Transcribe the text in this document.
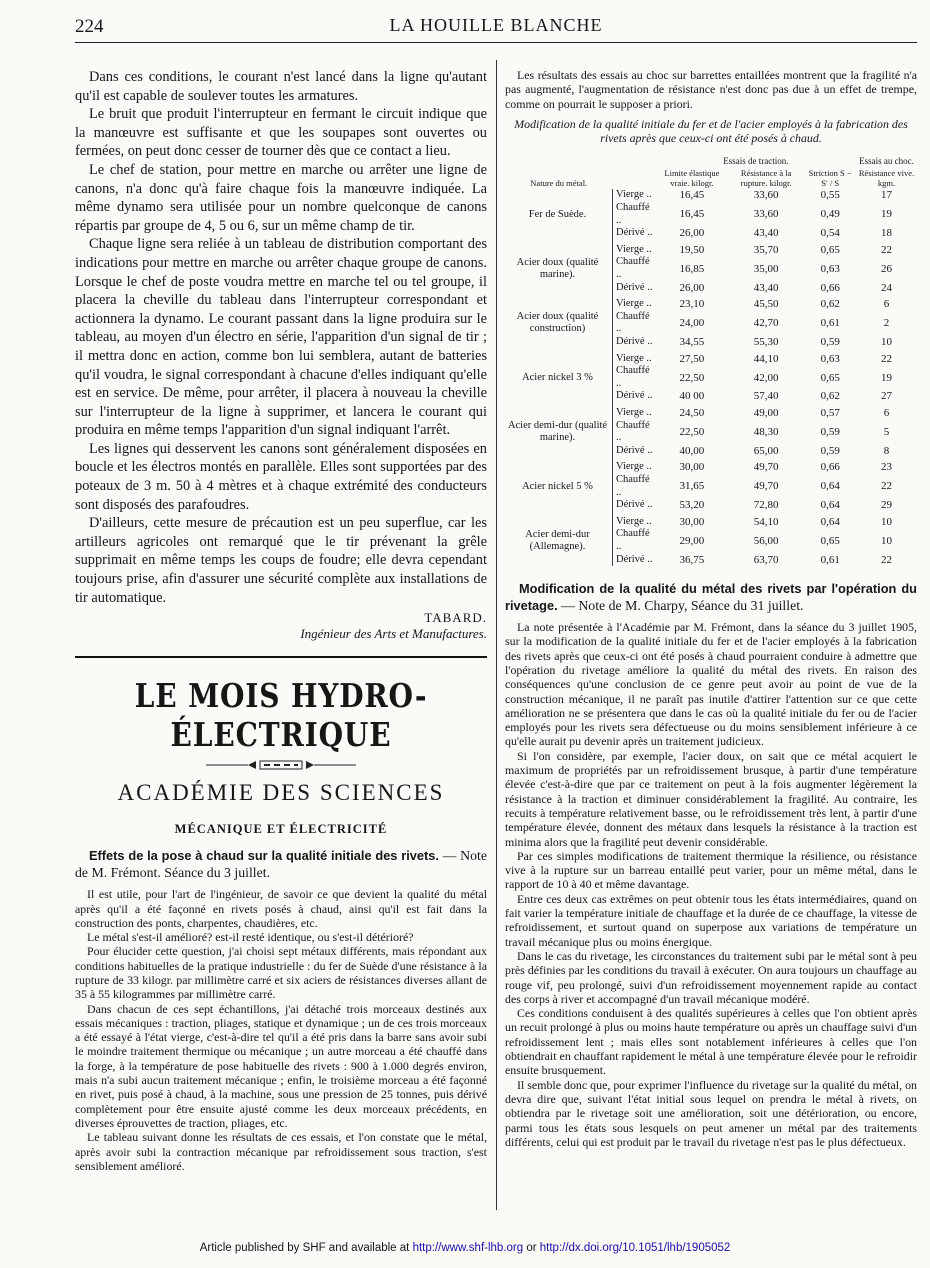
224	LA HOUILLE BLANCHE

Dans ces conditions, le courant n'est lancé dans la ligne qu'autant qu'il est capable de soulever toutes les armatures.

Le bruit que produit l'interrupteur en fermant le circuit indique que la manœuvre est suffisante et que les soupapes sont ouvertes ou fermées, on peut donc cesser de tourner dès que ce contact a lieu.

Le chef de station, pour mettre en marche ou arrêter une ligne de canons, n'a donc qu'à faire chaque fois la manœuvre indiquée. La même dynamo sera utilisée pour un nombre quelconque de canons répartis par groupe de 4, 5 ou 6, sur un même champ de tir.

Chaque ligne sera reliée à un tableau de distribution comportant des indications pour mettre en marche ou arrêter chaque groupe de canons. Lorsque le chef de poste voudra mettre en marche tel ou tel groupe, il placera la cheville du tableau dans l'interrupteur correspondant et actionnera la dynamo. Le courant passant dans la ligne produira sur le tableau, au moyen d'un électro en série, l'apparition d'un signal de tir ; il mettra donc en action, comme bon lui semblera, autant de batteries qu'il voudra, le signal correspondant à chacune d'elles indiquant qu'elle est en service. De même, pour arrêter, il placera à nouveau la cheville sur l'interrupteur de la ligne à supprimer, et lancera le courant qui produira en même temps l'apparition d'un signal indiquant l'arrêt.

Les lignes qui desservent les canons sont généralement disposées en boucle et les électros montés en parallèle. Elles sont supportées par des poteaux de 3 m. 50 à 4 mètres et à chaque extrémité des conducteurs sont disposés des parafoudres.

D'ailleurs, cette mesure de précaution est un peu superflue, car les artilleurs agricoles ont remarqué que le tir prévenant la grêle supprimait en même temps les coups de foudre; elle devra cependant toujours prise, afin d'assurer une sécurité complète aux installations de tir automatique.

TABARD.

Ingénieur des Arts et Manufactures.

LE MOIS HYDRO-ÉLECTRIQUE
ACADÉMIE DES SCIENCES
MÉCANIQUE ET ÉLECTRICITÉ

Effets de la pose à chaud sur la qualité initiale des rivets. — Note de M. Frémont. Séance du 3 juillet.

Il est utile, pour l'art de l'ingénieur, de savoir ce que devient la qualité du métal après qu'il a été façonné en rivets posés à chaud, ainsi qu'il est fait dans la construction des ponts, charpentes, chaudières, etc.

Le métal s'est-il amélioré? est-il resté identique, ou s'est-il détérioré?

Pour élucider cette question, j'ai choisi sept métaux différents, mais répondant aux conditions habituelles de la pratique industrielle : du fer de Suède d'une résistance à la rupture de 33 kilogr. par millimètre carré et six aciers de résistances diverses allant de 35 à 55 kilogrammes par millimètre carré.

Dans chacun de ces sept échantillons, j'ai détaché trois morceaux destinés aux essais mécaniques : traction, pliages, statique et dynamique ; un de ces trois morceaux a été essayé à l'état vierge, c'est-à-dire tel qu'il a été pris dans la barre sans avoir subi le moindre traitement thermique ou mécanique ; un autre morceau a été chauffé dans la forge, à la température de pose habituelle des rivets : 900 à 1.000 degrés environ, mais n'a subi aucun traitement mécanique ; enfin, le troisième morceau a été façonné en rivet, puis posé à chaud, à la machine, sous une pression de 25 tonnes, puis dérivé complètement pour être ensuite ajusté comme les deux morceaux précédents, en diverses éprouvettes de traction, pliages, etc.

Le tableau suivant donne les résultats de ces essais, et l'on constate que le métal, après avoir subi la contraction mécanique par refroidissement sous traction, s'est sensiblement amélioré.

Les résultats des essais au choc sur barrettes entaillées montrent que la fragilité n'a pas augmenté, l'augmentation de résistance n'est donc pas due à un effet de trempe, comme on pourrait le supposer a priori.

Modification de la qualité initiale du fer et de l'acier employés à la fabrication des rivets après que ceux-ci ont été posés à chaud.

		Essais de traction.			Essais au choc.
Nature du métal.		Limite élastique vraie. kilogr.	Résistance à la rupture. kilogr.	Striction S − S′ / S	Résistance vive. kgm.
Fer de Suède.	Vierge ..	16,45	33,60	0,55	17
	Chauffé ..	16,45	33,60	0,49	19
	Dérivé ..	26,00	43,40	0,54	18
Acier doux (qualité marine).	Vierge ..	19,50	35,70	0,65	22
	Chauffé ..	16,85	35,00	0,63	26
	Dérivé ..	26,00	43,40	0,66	24
Acier doux (qualité construction)	Vierge ..	23,10	45,50	0,62	6
	Chauffé ..	24,00	42,70	0,61	2
	Dérivé ..	34,55	55,30	0,59	10
Acier nickel 3 %	Vierge ..	27,50	44,10	0,63	22
	Chauffé ..	22,50	42,00	0,65	19
	Dérivé ..	40 00	57,40	0,62	27
Acier demi-dur (qualité marine).	Vierge ..	24,50	49,00	0,57	6
	Chauffé ..	22,50	48,30	0,59	5
	Dérivé ..	40,00	65,00	0,59	8
Acier nickel 5 %	Vierge ..	30,00	49,70	0,66	23
	Chauffé ..	31,65	49,70	0,64	22
	Dérivé ..	53,20	72,80	0,64	29
Acier demi-dur (Allemagne).	Vierge ..	30,00	54,10	0,64	10
	Chauffé ..	29,00	56,00	0,65	10
	Dérivé ..	36,75	63,70	0,61	22

Modification de la qualité du métal des rivets par l'opération du rivetage. — Note de M. Charpy, Séance du 31 juillet.

La note présentée à l'Académie par M. Frémont, dans la séance du 3 juillet 1905, sur la modification de la qualité initiale du fer et de l'acier employés à la fabrication des rivets après que ceux-ci ont été posés à chaud pourraient conduire à admettre que l'opération du rivetage améliore la qualité du métal des rivets. En raison des conséquences qu'une conclusion de ce genre peut avoir au point de vue de la construction mécanique, il ne paraît pas inutile d'attirer l'attention sur ce que cette amélioration ne se présentera que dans le cas où la qualité initiale du fer ou de l'acier employés pour les rivets sera défectueuse ou du moins sensiblement inférieure à ce qu'elle aurait pu devenir après un traitement judicieux.

Si l'on considère, par exemple, l'acier doux, on sait que ce métal acquiert le maximum de propriétés par un refroidissement brusque, à partir d'une température élevée c'est-à-dire que par ce traitement on peut à la fois augmenter légèrement la résistance à la traction et diminuer considérablement la fragilité. Au contraire, les recuits à température relativement basse, ou le refroidissement très lent, à partir d'une température élevée, donnent des métaux dans lesquels la résistance à la traction est minima alors que la fragilité peut devenir considérable.

Par ces simples modifications de traitement thermique la résilience, ou résistance vive à la rupture sur un barreau entaillé peut varier, pour un même métal, dans le rapport de 10 à 40 et même davantage.

Entre ces deux cas extrêmes on peut obtenir tous les états intermédiaires, quand on fait varier la température initiale de chauffage et la durée de ce chauffage, la vitesse de refroidissement, et surtout quand on superpose aux variations de température un travail mécanique plus ou moins énergique.

Dans le cas du rivetage, les circonstances du traitement subi par le métal sont à peu près définies par les conditions du travail à exécuter. On aura toujours un chauffage au rouge vif, peu prolongé, suivi d'un refroidissement moyennement rapide au contact des corps à river et accompagné d'un travail mécanique modéré.

Ces conditions conduisent à des qualités supérieures à celles que l'on obtient après un recuit prolongé à plus ou moins haute température ou après un chauffage suivi d'un refroidissement lent ; mais elles sont notablement inférieures à celles que l'on obtiendrait en chauffant rapidement le métal à une température élevée pour le refroidir ensuite brusquement.

Il semble donc que, pour exprimer l'influence du rivetage sur la qualité du métal, on devra dire que, suivant l'état initial sous lequel on prendra le métal à rivets, on obtiendra par le rivetage soit une amélioration, soit une détérioration, ou encore, parmi tous les états sous lesquels on peut amener un métal par des traitements différents, celui qui est produit par le travail du rivetage n'est pas le plus défectueux.

Article published by SHF and available at http://www.shf-lhb.org or http://dx.doi.org/10.1051/lhb/1905052
